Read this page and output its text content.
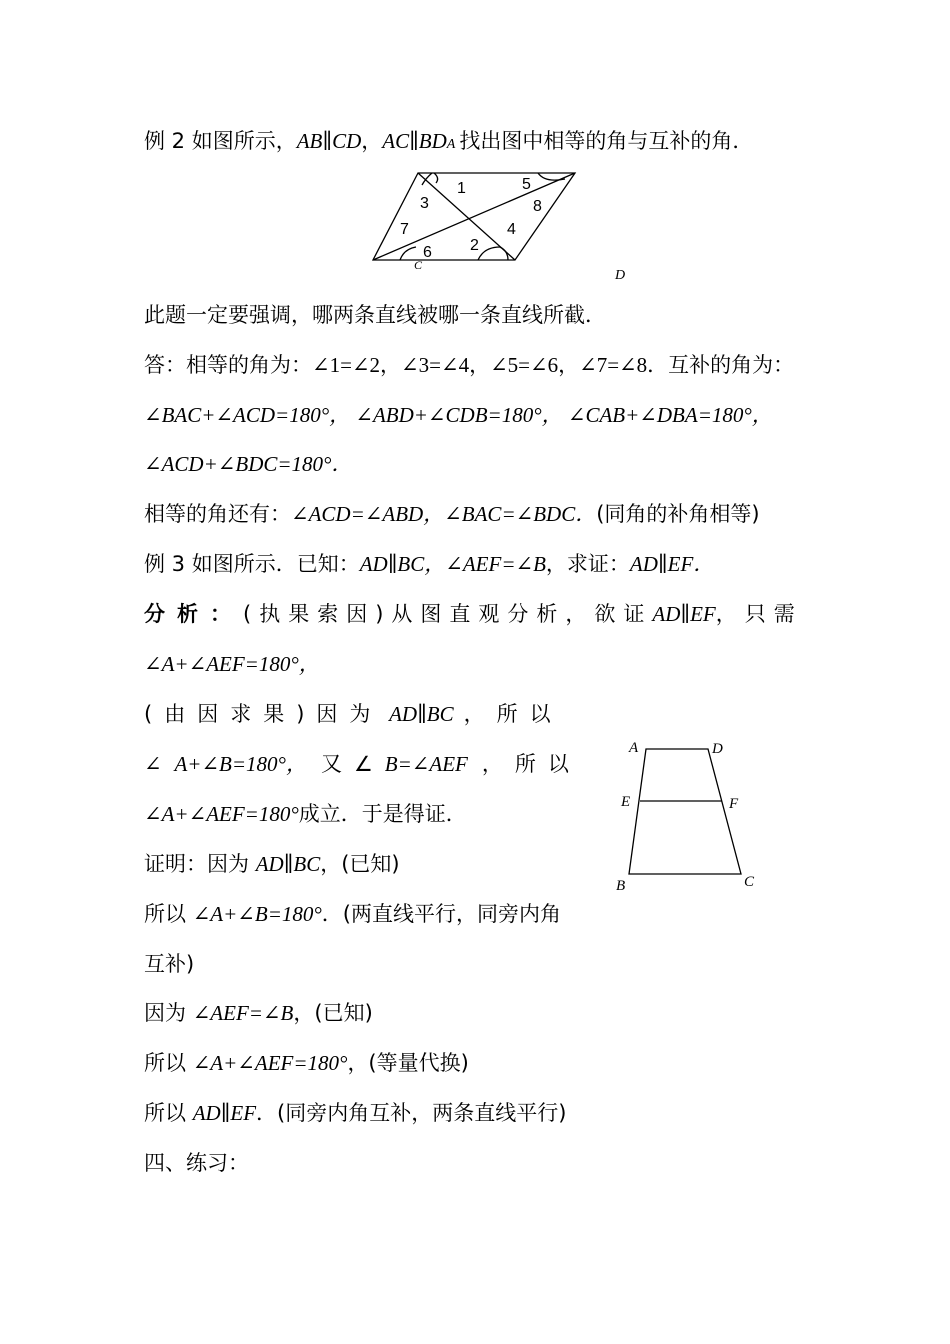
例 2 如图所示，AB∥CD，AC∥BDA 找出图中相等的角与互补的角．
1	5
3	8
7	4
2
6
C
D
此题一定要强调，哪两条直线被哪一条直线所截．
答：相等的角为：∠1=∠2，∠3=∠4，∠5=∠6，∠7=∠8．互补的角为：
∠BAC+∠ACD=180°， ∠ABD+∠CDB=180°， ∠CAB+∠DBA=180°，
∠ACD+∠BDC=180°．
相等的角还有：∠ACD=∠ABD，∠BAC=∠BDC．(同角的补角相等)
例 3 如图所示．已知：AD∥BC，∠AEF=∠B，求证：AD∥EF．
分析：(执果索因)从图直观分析，欲证AD∥EF，只需
∠A+∠AEF=180°，
(由因求果)因为 AD∥BC ，所以
∠ A+∠B=180°， 又∠B=∠AEF ，所以
∠A+∠AEF=180°成立．于是得证．
A	D
E	F
B	C
证明：因为 AD∥BC，(已知)
所以 ∠A+∠B=180°．(两直线平行，同旁内角
互补)
因为 ∠AEF=∠B，(已知)
所以 ∠A+∠AEF=180°，(等量代换)
所以 AD∥EF．(同旁内角互补，两条直线平行)
四、练习：
